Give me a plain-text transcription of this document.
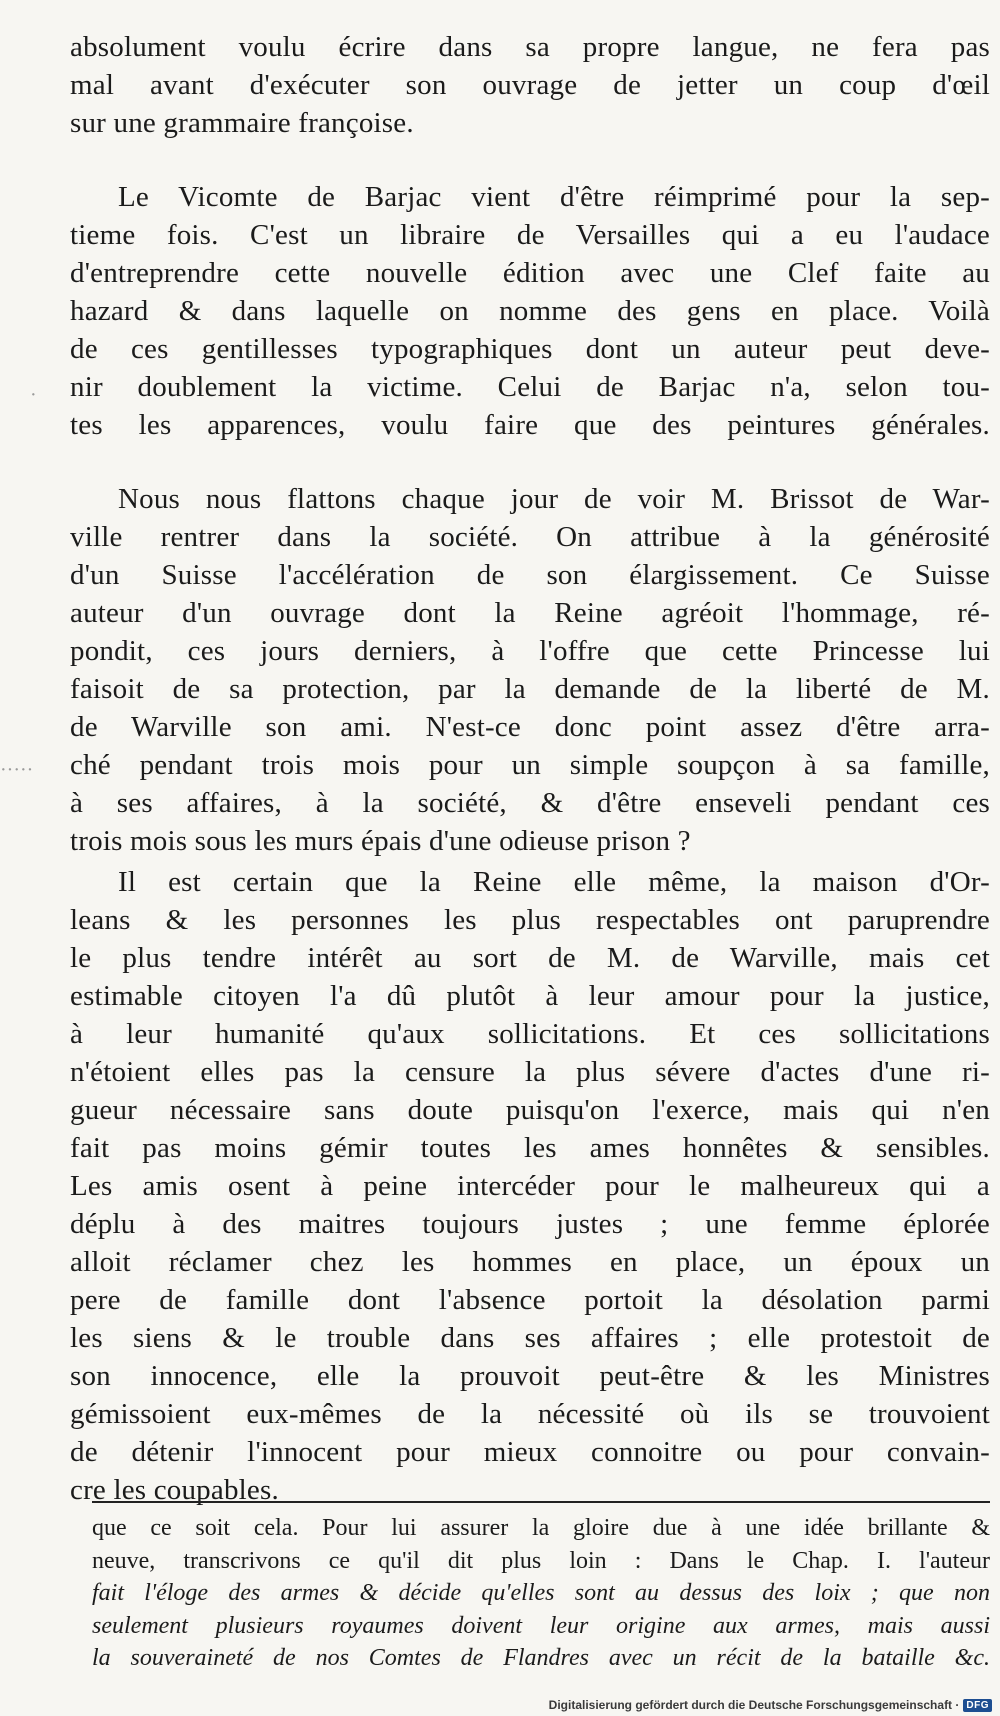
absolument voulu écrire dans sa propre langue, ne fera pas
mal avant d'exécuter son ouvrage de jetter un coup d'œil
sur une grammaire françoise.
Le Vicomte de Barjac vient d'être réimprimé pour la sep-
tieme fois. C'est un libraire de Versailles qui a eu l'audace
d'entreprendre cette nouvelle édition avec une Clef faite au
hazard & dans laquelle on nomme des gens en place. Voilà
de ces gentillesses typographiques dont un auteur peut deve-
nir doublement la victime. Celui de Barjac n'a, selon tou-
tes les apparences, voulu faire que des peintures générales.
Nous nous flattons chaque jour de voir M. Brissot de War-
ville rentrer dans la société. On attribue à la générosité
d'un Suisse l'accélération de son élargissement. Ce Suisse
auteur d'un ouvrage dont la Reine agréoit l'hommage, ré-
pondit, ces jours derniers, à l'offre que cette Princesse lui
faisoit de sa protection, par la demande de la liberté de M.
de Warville son ami. N'est-ce donc point assez d'être arra-
ché pendant trois mois pour un simple soupçon à sa famille,
à ses affaires, à la société, & d'être enseveli pendant ces
trois mois sous les murs épais d'une odieuse prison ?
Il est certain que la Reine elle même, la maison d'Or-
leans & les personnes les plus respectables ont paruprendre
le plus tendre intérêt au sort de M. de Warville, mais cet
estimable citoyen l'a dû plutôt à leur amour pour la justice,
à leur humanité qu'aux sollicitations. Et ces sollicitations
n'étoient elles pas la censure la plus sévere d'actes d'une ri-
gueur nécessaire sans doute puisqu'on l'exerce, mais qui n'en
fait pas moins gémir toutes les ames honnêtes & sensibles.
Les amis osent à peine intercéder pour le malheureux qui a
déplu à des maitres toujours justes ; une femme éplorée
alloit réclamer chez les hommes en place, un époux un
pere de famille dont l'absence portoit la désolation parmi
les siens & le trouble dans ses affaires ; elle protestoit de
son innocence, elle la prouvoit peut-être & les Ministres
gémissoient eux-mêmes de la nécessité où ils se trouvoient
de détenir l'innocent pour mieux connoitre ou pour convain-
cre les coupables.
que ce soit cela. Pour lui assurer la gloire due à une idée brillante &
neuve, transcrivons ce qu'il dit plus loin : Dans le Chap. I. l'auteur
fait l'éloge des armes & décide qu'elles sont au dessus des loix ; que non
seulement plusieurs royaumes doivent leur origine aux armes, mais aussi
la souveraineté de nos Comtes de Flandres avec un récit de la bataille &c.
·····
·
Digitalisierung gefördert durch die Deutsche Forschungsgemeinschaft · DFG
